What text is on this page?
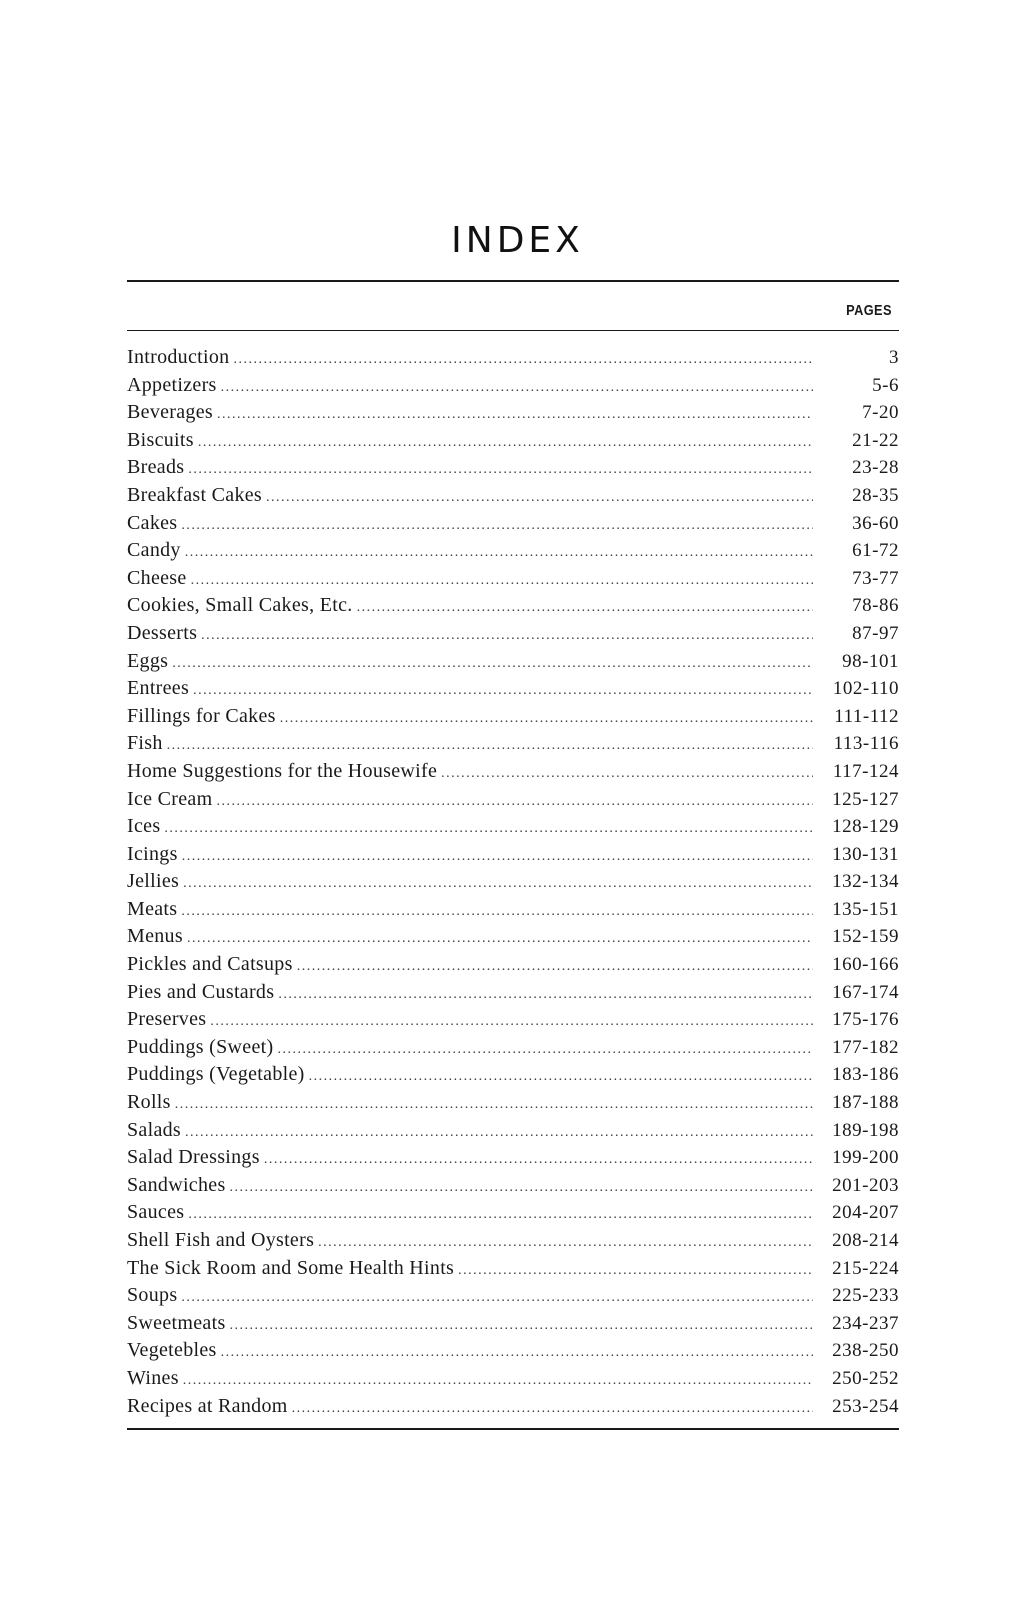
INDEX
PAGES
Introduction .....	3
Appetizers .....	5-6
Beverages .....	7-20
Biscuits .....	21-22
Breads .....	23-28
Breakfast Cakes .....	28-35
Cakes .....	36-60
Candy .....	61-72
Cheese .....	73-77
Cookies, Small Cakes, Etc. .....	78-86
Desserts .....	87-97
Eggs .....	98-101
Entrees .....	102-110
Fillings for Cakes .....	111-112
Fish .....	113-116
Home Suggestions for the Housewife .....	117-124
Ice Cream .....	125-127
Ices .....	128-129
Icings .....	130-131
Jellies .....	132-134
Meats .....	135-151
Menus .....	152-159
Pickles and Catsups .....	160-166
Pies and Custards .....	167-174
Preserves .....	175-176
Puddings (Sweet) .....	177-182
Puddings (Vegetable) .....	183-186
Rolls .....	187-188
Salads .....	189-198
Salad Dressings .....	199-200
Sandwiches .....	201-203
Sauces .....	204-207
Shell Fish and Oysters .....	208-214
The Sick Room and Some Health Hints .....	215-224
Soups .....	225-233
Sweetmeats .....	234-237
Vegetebles .....	238-250
Wines .....	250-252
Recipes at Random .....	253-254
